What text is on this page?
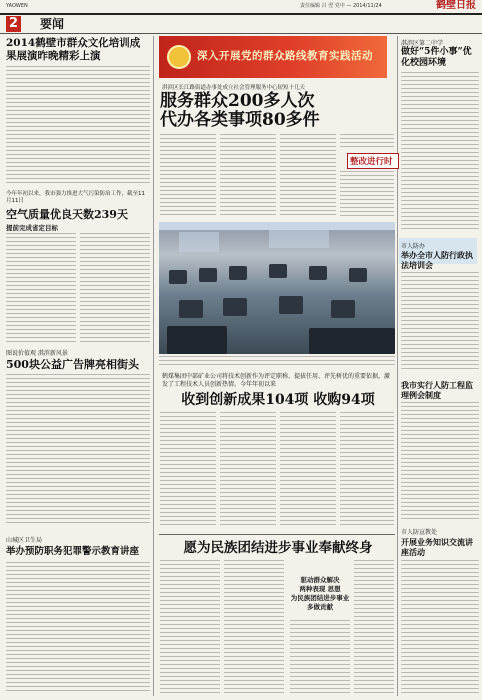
YAOWEN	责任编辑 吕 翌 党中 — 2014/11/24	鹤壁日报
2 要闻
2014鹤壁市群众文化培训成果展演昨晚精彩上演
今年年初以来，我市强力推进大气污染防治工作，截至11月11日
空气质量优良天数239天
提前完成省定目标
图说价值观 淇滨新风景
500块公益广告牌亮相街头
山城区卫生局
举办预防职务犯罪警示教育讲座
深入开展党的群众路线教育实践活动
淇滨区长江路街道办事处成立社会管理服务中心短短十几天
服务群众200多人次
代办各类事项80多件
整改进行时
鹤煤集团中部矿业公司将技术创新作为评定职称、提拔任用、评先树优的重要依据，激发了工程技术人员创新热情。今年年初以来
收到创新成果104项 收购94项
愿为民族团结进步事业奉献终身
驱动群众解决
两种表现 思想
为民族团结进步事业
多做贡献
淇滨区第二中学
做好“5件小事”优化校园环境
市人防办
举办全市人防行政执法培训会
我市实行人防工程监理例会制度
市人防宣教处
开展业务知识交流讲座活动
